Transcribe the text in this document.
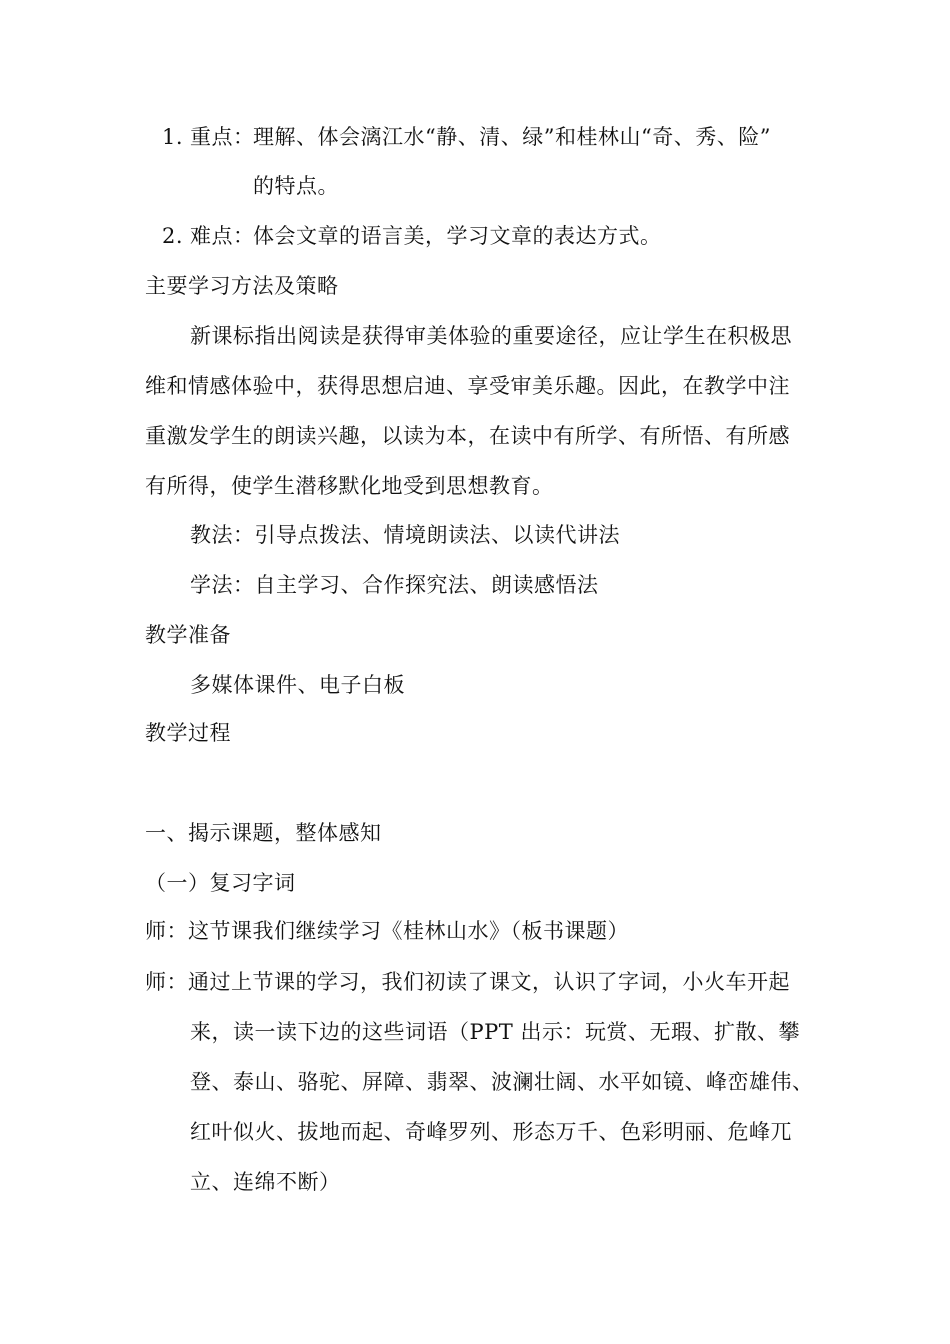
1. 重点：
理解、体会漓江水“静、清、绿”和桂林山“奇、秀、险”
的特点。
2. 难点：
体会文章的语言美，学习文章的表达方式。
主要学习方法及策略
新课标指出阅读是获得审美体验的重要途径，应让学生在积极思
维和情感体验中，获得思想启迪、享受审美乐趣。因此，在教学中注
重激发学生的朗读兴趣，以读为本，在读中有所学、有所悟、有所感
有所得，使学生潜移默化地受到思想教育。
教法：引导点拨法、情境朗读法、以读代讲法
学法：自主学习、合作探究法、朗读感悟法
教学准备
多媒体课件、电子白板
教学过程
一、揭示课题，整体感知
（一）复习字词
师：这节课我们继续学习《桂林山水》（板书课题）
师：通过上节课的学习，我们初读了课文，认识了字词，小火车开起
来，读一读下边的这些词语（PPT 出示：玩赏、无瑕、扩散、攀
登、泰山、骆驼、屏障、翡翠、波澜壮阔、水平如镜、峰峦雄伟、
红叶似火、拔地而起、奇峰罗列、形态万千、色彩明丽、危峰兀
立、连绵不断）
